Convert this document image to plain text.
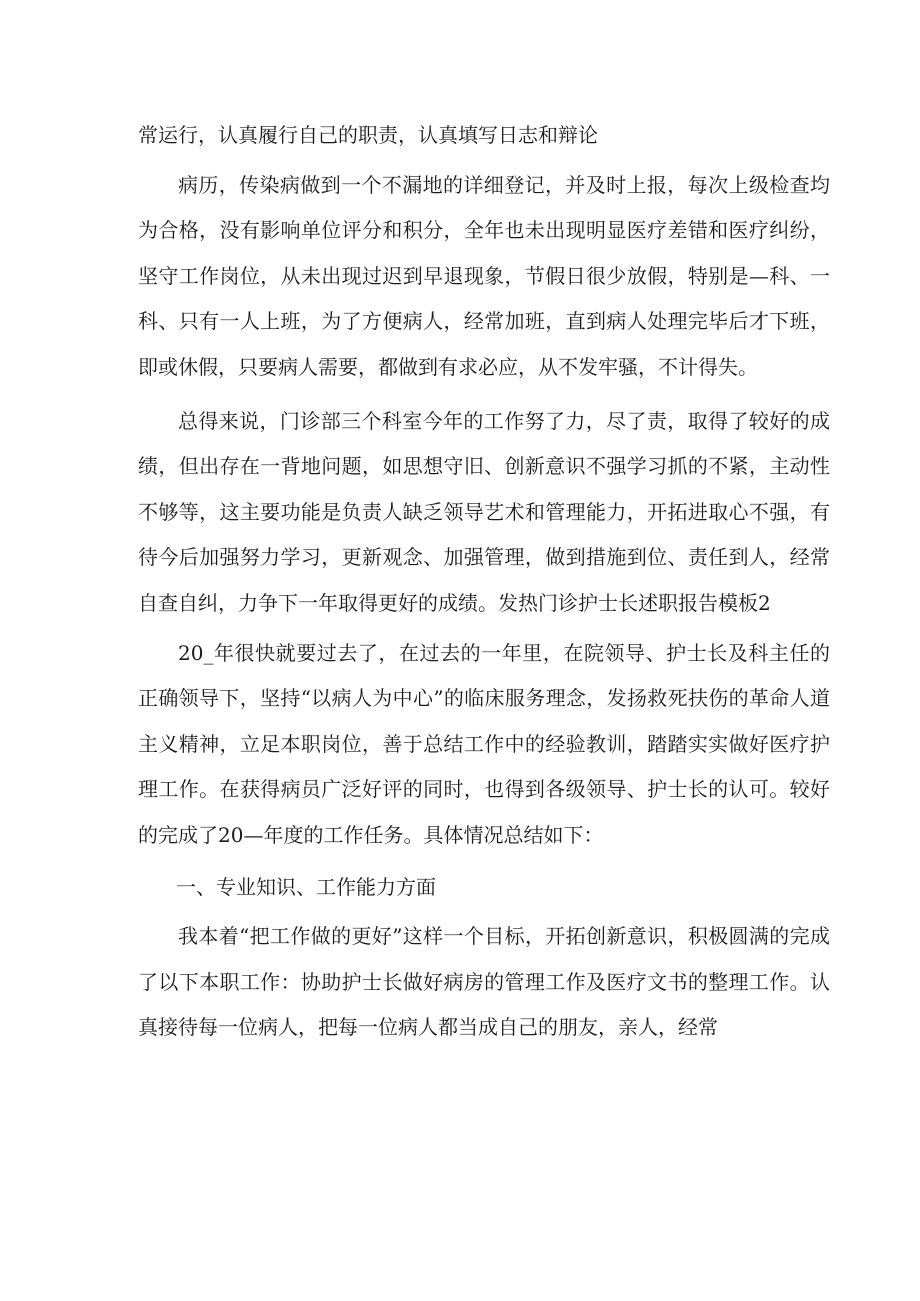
常运行，认真履行自己的职责，认真填写日志和辩论

病历，传染病做到一个不漏地的详细登记，并及时上报，每次上级检查均为合格，没有影响单位评分和积分，全年也未出现明显医疗差错和医疗纠纷，坚守工作岗位，从未出现过迟到早退现象，节假日很少放假，特别是—科、一科、只有一人上班，为了方便病人，经常加班，直到病人处理完毕后才下班，即或休假，只要病人需要，都做到有求必应，从不发牢骚，不计得失。

总得来说，门诊部三个科室今年的工作努了力，尽了责，取得了较好的成绩，但出存在一背地问题，如思想守旧、创新意识不强学习抓的不紧，主动性不够等，这主要功能是负责人缺乏领导艺术和管理能力，开拓进取心不强，有待今后加强努力学习，更新观念、加强管理，做到措施到位、责任到人，经常自查自纠，力争下一年取得更好的成绩。发热门诊护士长述职报告模板2

20_年很快就要过去了，在过去的一年里，在院领导、护士长及科主任的正确领导下，坚持“以病人为中心”的临床服务理念，发扬救死扶伤的革命人道主义精神，立足本职岗位，善于总结工作中的经验教训，踏踏实实做好医疗护理工作。在获得病员广泛好评的同时，也得到各级领导、护士长的认可。较好的完成了20—年度的工作任务。具体情况总结如下：

一、专业知识、工作能力方面

我本着“把工作做的更好”这样一个目标，开拓创新意识，积极圆满的完成了以下本职工作：协助护士长做好病房的管理工作及医疗文书的整理工作。认真接待每一位病人，把每一位病人都当成自己的朋友，亲人，经常
